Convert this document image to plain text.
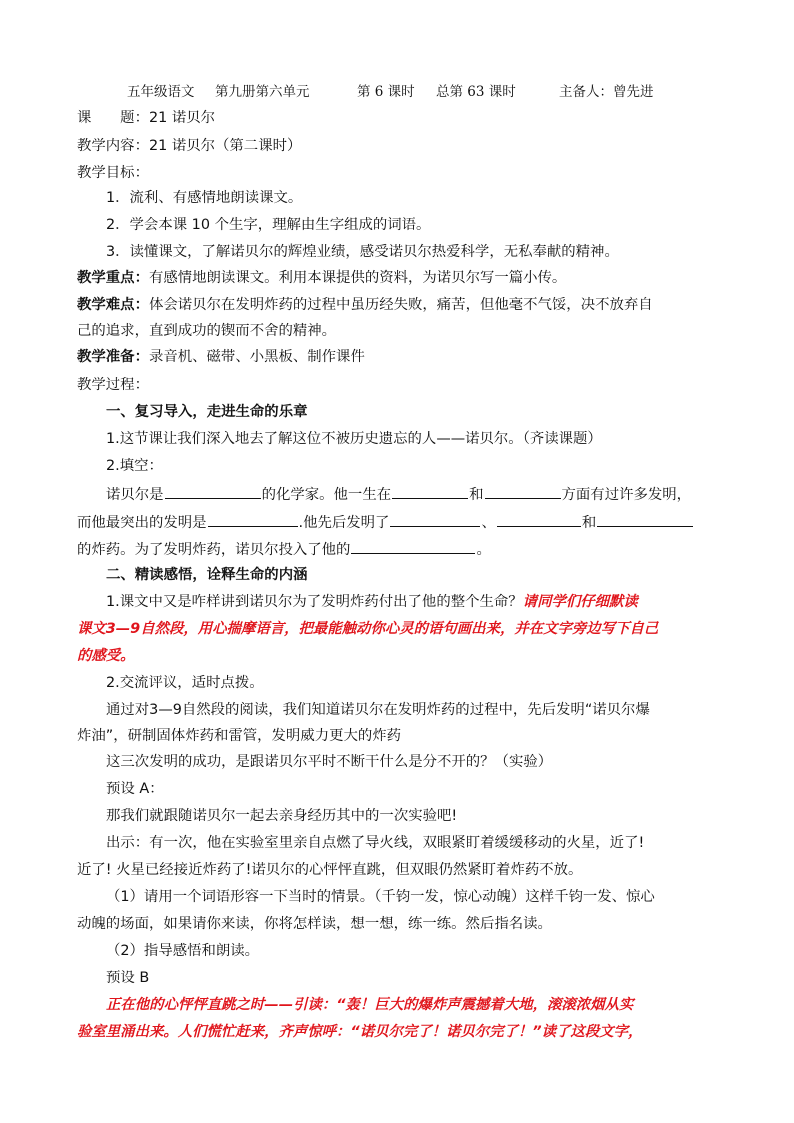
五年级语文 第九册第六单元	第 6 课时 总第 63 课时	主备人：曾先进
课　　题：21 诺贝尔
教学内容：21 诺贝尔（第二课时）
教学目标：
1．流利、有感情地朗读课文。
2．学会本课 10 个生字，理解由生字组成的词语。
3．读懂课文，了解诺贝尔的辉煌业绩，感受诺贝尔热爱科学，无私奉献的精神。
教学重点：有感情地朗读课文。利用本课提供的资料，为诺贝尔写一篇小传。
教学难点：体会诺贝尔在发明炸药的过程中虽历经失败，痛苦，但他毫不气馁，决不放弃自
己的追求，直到成功的锲而不舍的精神。
教学准备：录音机、磁带、小黑板、制作课件
教学过程：
一、复习导入，走进生命的乐章
1.这节课让我们深入地去了解这位不被历史遗忘的人——诺贝尔。（齐读课题）
2.填空：
诺贝尔是	的化学家。他一生在	和	方面有过许多发明，
而他最突出的发明是	.他先后发明了	、	和
的炸药。为了发明炸药，诺贝尔投入了他的	。
二、精读感悟，诠释生命的内涵
1.课文中又是咋样讲到诺贝尔为了发明炸药付出了他的整个生命？请同学们仔细默读
课文3—9自然段，用心揣摩语言，把最能触动你心灵的语句画出来，并在文字旁边写下自己
的感受。
2.交流评议，适时点拨。
通过对3—9自然段的阅读，我们知道诺贝尔在发明炸药的过程中，先后发明“诺贝尔爆
炸油”，研制固体炸药和雷管，发明威力更大的炸药
这三次发明的成功，是跟诺贝尔平时不断干什么是分不开的？（实验）
预设 A：
那我们就跟随诺贝尔一起去亲身经历其中的一次实验吧!
出示：有一次，他在实验室里亲自点燃了导火线，双眼紧盯着缓缓移动的火星，近了!
近了! 火星已经接近炸药了!诺贝尔的心怦怦直跳，但双眼仍然紧盯着炸药不放。
（1）请用一个词语形容一下当时的情景。（千钧一发，惊心动魄）这样千钧一发、惊心
动魄的场面，如果请你来读，你将怎样读，想一想，练一练。然后指名读。
（2）指导感悟和朗读。
预设 B
正在他的心怦怦直跳之时——引读：“轰！巨大的爆炸声震撼着大地，滚滚浓烟从实
验室里涌出来。人们慌忙赶来，齐声惊呼：“诺贝尔完了！诺贝尔完了！”读了这段文字，
